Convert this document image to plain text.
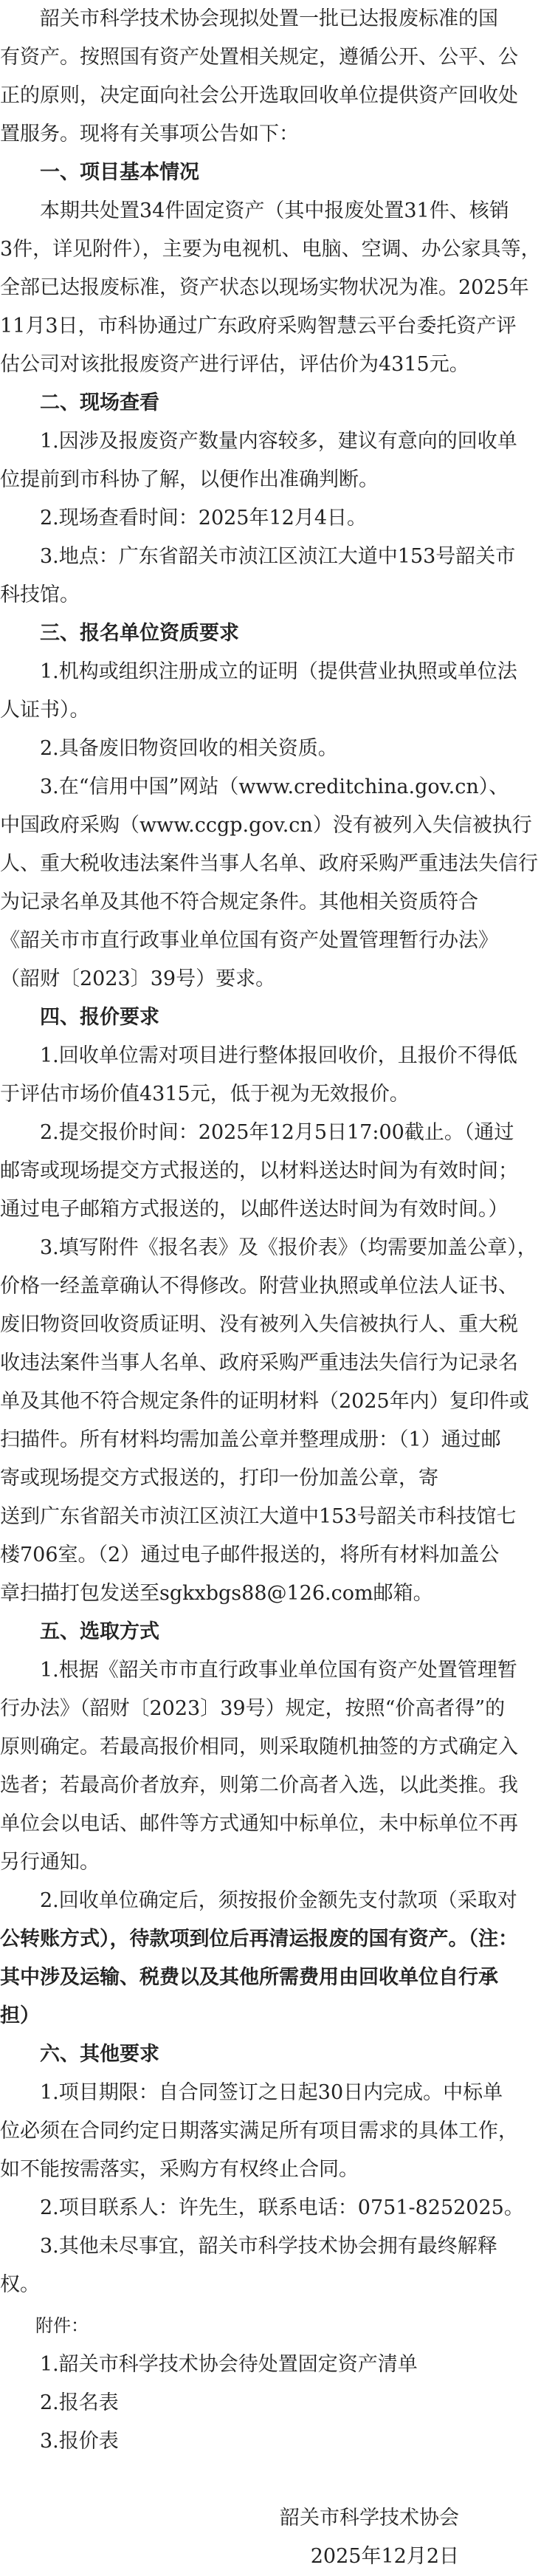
　　韶关市科学技术协会现拟处置一批已达报废标准的国

有资产。按照国有资产处置相关规定，遵循公开、公平、公

正的原则，决定面向社会公开选取回收单位提供资产回收处

置服务。现将有关事项公告如下：

　　一、项目基本情况

　　本期共处置34件固定资产（其中报废处置31件、核销

3件，详见附件），主要为电视机、电脑、空调、办公家具等，

全部已达报废标准，资产状态以现场实物状况为准。2025年

11月3日，市科协通过广东政府采购智慧云平台委托资产评

估公司对该批报废资产进行评估，评估价为4315元。

　　二、现场查看

　　1.因涉及报废资产数量内容较多，建议有意向的回收单

位提前到市科协了解，以便作出准确判断。

　　2.现场查看时间：2025年12月4日。

　　3.地点：广东省韶关市浈江区浈江大道中153号韶关市

科技馆。

　　三、报名单位资质要求

　　1.机构或组织注册成立的证明（提供营业执照或单位法

人证书）。

　　2.具备废旧物资回收的相关资质。

　　3.在“信用中国”网站（www.creditchina.gov.cn）、

中国政府采购（www.ccgp.gov.cn）没有被列入失信被执行

人、重大税收违法案件当事人名单、政府采购严重违法失信行

为记录名单及其他不符合规定条件。其他相关资质符合

《韶关市市直行政事业单位国有资产处置管理暂行办法》

（韶财〔2023〕39号）要求。

　　四、报价要求

　　1.回收单位需对项目进行整体报回收价，且报价不得低

于评估市场价值4315元，低于视为无效报价。

　　2.提交报价时间：2025年12月5日17:00截止。（通过

邮寄或现场提交方式报送的，以材料送达时间为有效时间；

通过电子邮箱方式报送的，以邮件送达时间为有效时间。）

　　3.填写附件《报名表》及《报价表》（均需要加盖公章），

价格一经盖章确认不得修改。附营业执照或单位法人证书、

废旧物资回收资质证明、没有被列入失信被执行人、重大税

收违法案件当事人名单、政府采购严重违法失信行为记录名

单及其他不符合规定条件的证明材料（2025年内）复印件或

扫描件。所有材料均需加盖公章并整理成册：（1）通过邮

寄或现场提交方式报送的，打印一份加盖公章，寄

送到广东省韶关市浈江区浈江大道中153号韶关市科技馆七

楼706室。（2）通过电子邮件报送的，将所有材料加盖公

章扫描打包发送至sgkxbgs88@126.com邮箱。

　　五、选取方式

　　1.根据《韶关市市直行政事业单位国有资产处置管理暂

行办法》（韶财〔2023〕39号）规定，按照“价高者得”的

原则确定。若最高报价相同，则采取随机抽签的方式确定入

选者；若最高价者放弃，则第二价高者入选，以此类推。我

单位会以电话、邮件等方式通知中标单位，未中标单位不再

另行通知。

　　2.回收单位确定后，须按报价金额先支付款项（采取对

公转账方式），待款项到位后再清运报废的国有资产。（注：

其中涉及运输、税费以及其他所需费用由回收单位自行承

担）

　　六、其他要求

　　1.项目期限：自合同签订之日起30日内完成。中标单

位必须在合同约定日期落实满足所有项目需求的具体工作，

如不能按需落实，采购方有权终止合同。

　　2.项目联系人：许先生，联系电话：0751-8252025。

　　3.其他未尽事宜，韶关市科学技术协会拥有最终解释

权。

　　附件：

　　1.韶关市科学技术协会待处置固定资产清单

　　2.报名表

　　3.报价表

韶关市科学技术协会

2025年12月2日
